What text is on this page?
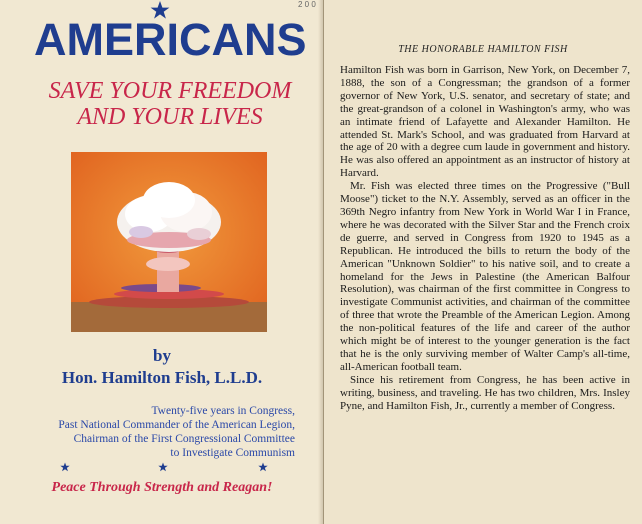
AMERICANS
SAVE YOUR FREEDOM
AND YOUR LIVES
by
Hon. Hamilton Fish, L.L.D.
Twenty-five years in Congress,
Past National Commander of the American Legion,
Chairman of the First Congressional Committee
to Investigate Communism
Peace Through Strength and Reagan!
2 0 0
THE HONORABLE HAMILTON FISH

Hamilton Fish was born in Garrison, New York, on December 7, 1888, the son of a Congressman; the grandson of a former governor of New York, U.S. senator, and secretary of state; and the great-grandson of a colonel in Washington's army, who was an intimate friend of Lafayette and Alexander Hamilton. He attended St. Mark's School, and was graduated from Harvard at the age of 20 with a degree cum laude in government and history. He was also offered an appointment as an instructor of history at Harvard.

Mr. Fish was elected three times on the Progressive ("Bull Moose") ticket to the N.Y. Assembly, served as an officer in the 369th Negro infantry from New York in World War I in France, where he was decorated with the Silver Star and the French croix de guerre, and served in Congress from 1920 to 1945 as a Republican. He introduced the bills to return the body of the American "Unknown Soldier" to his native soil, and to create a homeland for the Jews in Palestine (the American Balfour Resolution), was chairman of the first committee in Congress to investigate Communist activities, and chairman of the committee of three that wrote the Preamble of the American Legion. Among the non-political features of the life and career of the author which might be of interest to the younger generation is the fact that he is the only surviving member of Walter Camp's all-time, all-American football team.

Since his retirement from Congress, he has been active in writing, business, and traveling. He has two children, Mrs. Insley Pyne, and Hamilton Fish, Jr., currently a member of Congress.
